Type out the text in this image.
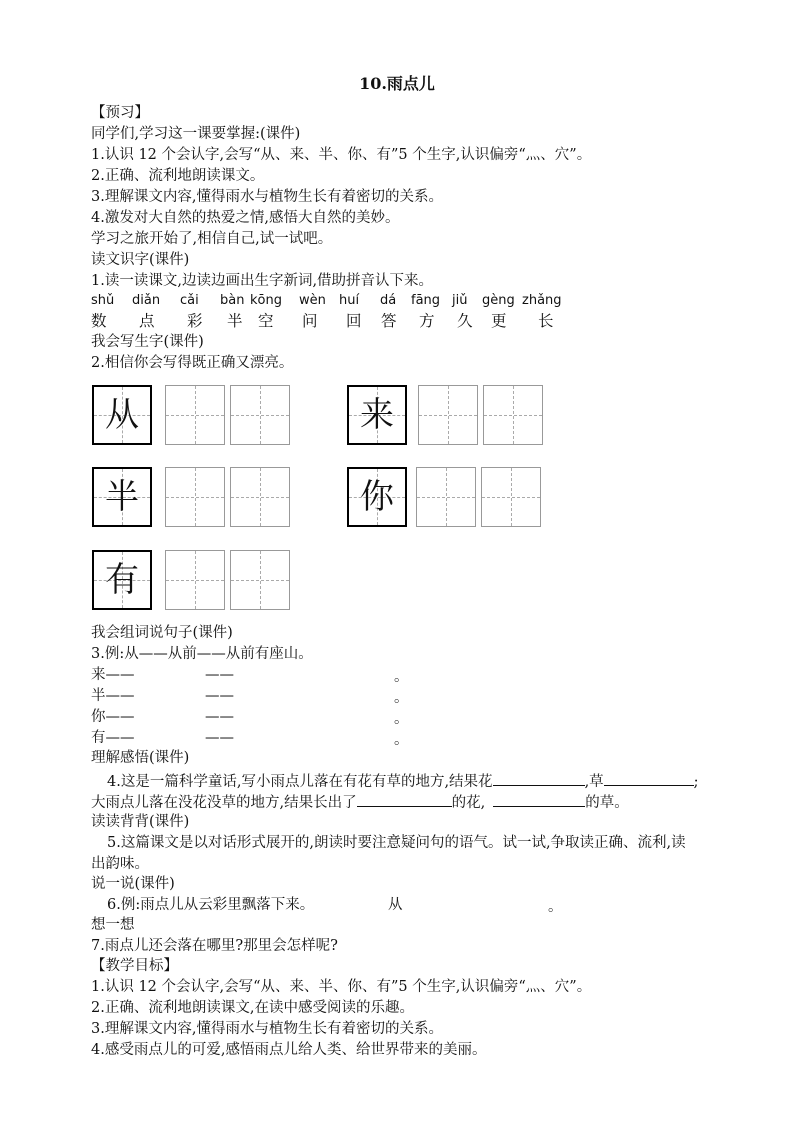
10.雨点儿
【预习】
同学们,学习这一课要掌握:(课件)
1.认识 12 个会认字,会写“从、来、半、你、有”5 个生字,认识偏旁“灬、穴”。
2.正确、流利地朗读课文。
3.理解课文内容,懂得雨水与植物生长有着密切的关系。
4.激发对大自然的热爱之情,感悟大自然的美妙。
学习之旅开始了,相信自己,试一试吧。
读文识字(课件)
1.读一读课文,边读边画出生字新词,借助拼音认下来。
shǔ diǎn cǎi bàn kōng wèn huí dá fāng jiǔ gèng zhǎng
数 点 彩 半 空 问 回 答 方 久 更 长
我会写生字(课件)
2.相信你会写得既正确又漂亮。
从	来
半	你
有
我会组词说句子(课件)
3.例:从——从前——从前有座山。
来——	——	。
半——	——	。
你——	——	。
有——	——	。
理解感悟(课件)
4.这是一篇科学童话,写小雨点儿落在有花有草的地方,结果花	,草	;
大雨点儿落在没花没草的地方,结果长出了	的花,	的草。
读读背背(课件)
5.这篇课文是以对话形式展开的,朗读时要注意疑问句的语气。试一试,争取读正确、流利,读
出韵味。
说一说(课件)
6.例:雨点儿从云彩里飘落下来。	从	。
想一想
7.雨点儿还会落在哪里?那里会怎样呢?
【教学目标】
1.认识 12 个会认字,会写“从、来、半、你、有”5 个生字,认识偏旁“灬、穴”。
2.正确、流利地朗读课文,在读中感受阅读的乐趣。
3.理解课文内容,懂得雨水与植物生长有着密切的关系。
4.感受雨点儿的可爱,感悟雨点儿给人类、给世界带来的美丽。
